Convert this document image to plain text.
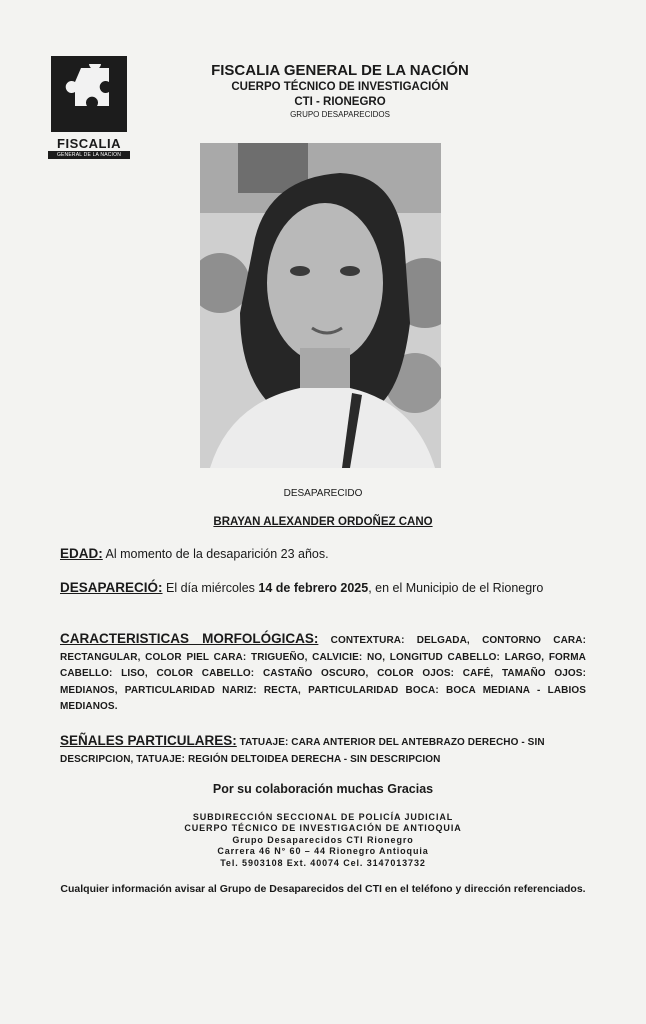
FISCALIA
GENERAL DE LA NACION
FISCALIA GENERAL DE LA NACIÓN
CUERPO TÉCNICO DE INVESTIGACIÓN
CTI - RIONEGRO
GRUPO DESAPARECIDOS
DESAPARECIDO
BRAYAN ALEXANDER ORDOÑEZ CANO
EDAD: Al momento de la desaparición 23 años.
DESAPARECIÓ: El día miércoles 14 de febrero 2025, en el Municipio de el Rionegro
CARACTERISTICAS MORFOLÓGICAS: CONTEXTURA: DELGADA, CONTORNO CARA: RECTANGULAR, COLOR PIEL CARA: TRIGUEÑO, CALVICIE: NO, LONGITUD CABELLO: LARGO, FORMA CABELLO: LISO, COLOR CABELLO: CASTAÑO OSCURO, COLOR OJOS: CAFÉ, TAMAÑO OJOS: MEDIANOS, PARTICULARIDAD NARIZ: RECTA, PARTICULARIDAD BOCA: BOCA MEDIANA - LABIOS MEDIANOS.
SEÑALES PARTICULARES: TATUAJE: CARA ANTERIOR DEL ANTEBRAZO DERECHO - SIN DESCRIPCION, TATUAJE: REGIÓN DELTOIDEA DERECHA - SIN DESCRIPCION
Por su colaboración muchas Gracias
SUBDIRECCIÓN SECCIONAL DE POLICÍA JUDICIAL
CUERPO TÉCNICO DE INVESTIGACIÓN DE ANTIOQUIA
Grupo Desaparecidos CTI Rionegro
Carrera 46 N° 60 – 44 Rionegro Antioquia
Tel. 5903108 Ext. 40074 Cel. 3147013732
Cualquier información avisar al Grupo de Desaparecidos del CTI en el teléfono y dirección referenciados.
